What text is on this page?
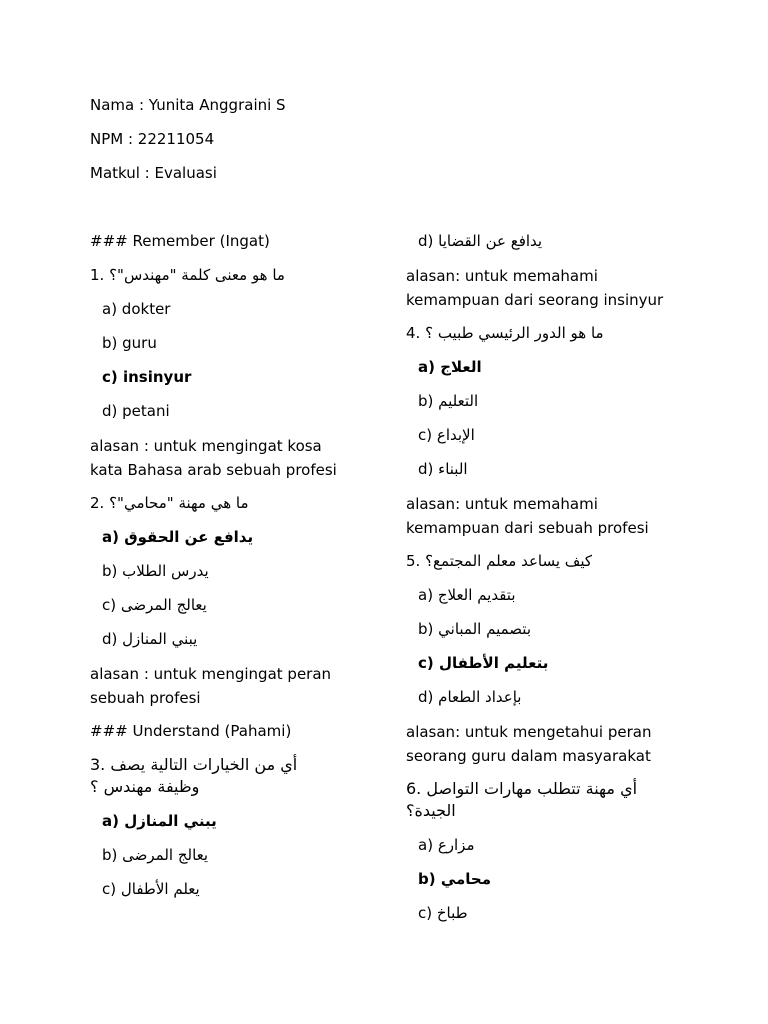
Nama : Yunita Anggraini S

NPM : 22211054

Matkul : Evaluasi

### Remember (Ingat)
1. ما هو معنى كلمة "مهندس"؟
a) dokter
b) guru
c) insinyur
d) petani
alasan : untuk mengingat kosa kata Bahasa arab sebuah profesi
2. ما هي مهنة "محامي"؟
a) يدافع عن الحقوق
b) يدرس الطلاب
c) يعالج المرضى
d) يبني المنازل
alasan : untuk mengingat peran sebuah profesi
### Understand (Pahami)
3. أي من الخيارات التالية يصف
وظيفة مهندس ؟
a) يبني المنازل
b) يعالج المرضى
c) يعلم الأطفال
d) يدافع عن القضايا
alasan: untuk memahami kemampuan dari seorang insinyur
4. ما هو الدور الرئيسي طبيب ؟
a) العلاج
b) التعليم
c) الإبداع
d) البناء
alasan: untuk memahami kemampuan dari sebuah profesi
5. كيف يساعد معلم المجتمع؟
a) بتقديم العلاج
b) بتصميم المباني
c) بتعليم الأطفال
d) بإعداد الطعام
alasan: untuk mengetahui peran seorang guru dalam masyarakat
6. أي مهنة تتطلب مهارات التواصل
الجيدة؟
a) مزارع
b) محامي
c) طباخ
